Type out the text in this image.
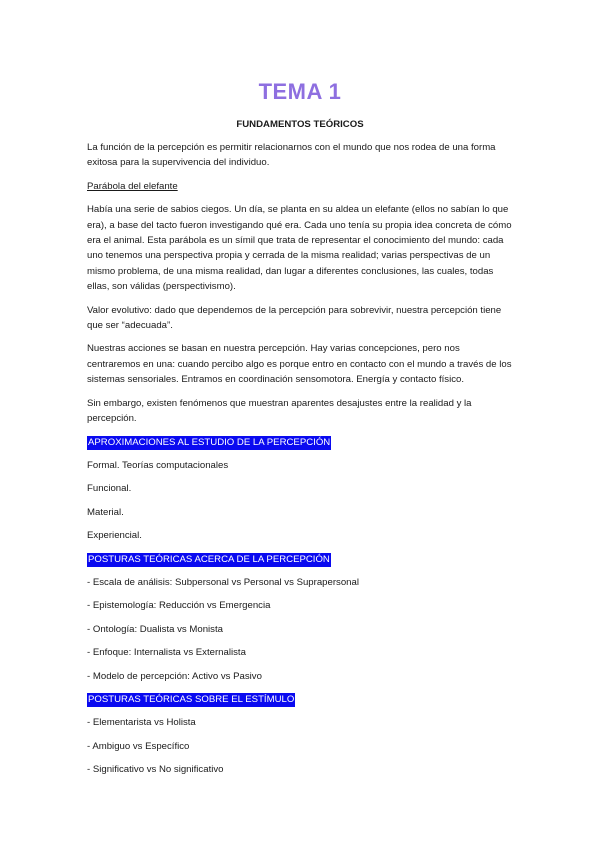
TEMA 1
FUNDAMENTOS TEÓRICOS

La función de la percepción es permitir relacionarnos con el mundo que nos rodea de una forma exitosa para la supervivencia del individuo.

Parábola del elefante

Había una serie de sabios ciegos. Un día, se planta en su aldea un elefante (ellos no sabían lo que era), a base del tacto fueron investigando qué era. Cada uno tenía su propia idea concreta de cómo era el animal. Esta parábola es un símil que trata de representar el conocimiento del mundo: cada uno tenemos una perspectiva propia y cerrada de la misma realidad; varias perspectivas de un mismo problema, de una misma realidad, dan lugar a diferentes conclusiones, las cuales, todas ellas, son válidas (perspectivismo).

Valor evolutivo: dado que dependemos de la percepción para sobrevivir, nuestra percepción tiene que ser “adecuada”.

Nuestras acciones se basan en nuestra percepción. Hay varias concepciones, pero nos centraremos en una: cuando percibo algo es porque entro en contacto con el mundo a través de los sistemas sensoriales. Entramos en coordinación sensomotora. Energía y contacto físico.

Sin embargo, existen fenómenos que muestran aparentes desajustes entre la realidad y la percepción.

APROXIMACIONES AL ESTUDIO DE LA PERCEPCIÓN

Formal. Teorías computacionales

Funcional.

Material.

Experiencial.

POSTURAS TEÓRICAS ACERCA DE LA PERCEPCIÓN

- Escala de análisis: Subpersonal vs Personal vs Suprapersonal

- Epistemología: Reducción vs Emergencia

- Ontología: Dualista vs Monista

- Enfoque: Internalista vs Externalista

- Modelo de percepción: Activo vs Pasivo

POSTURAS TEÓRICAS SOBRE EL ESTÍMULO

- Elementarista vs Holista

- Ambiguo vs Específico

- Significativo vs No significativo
